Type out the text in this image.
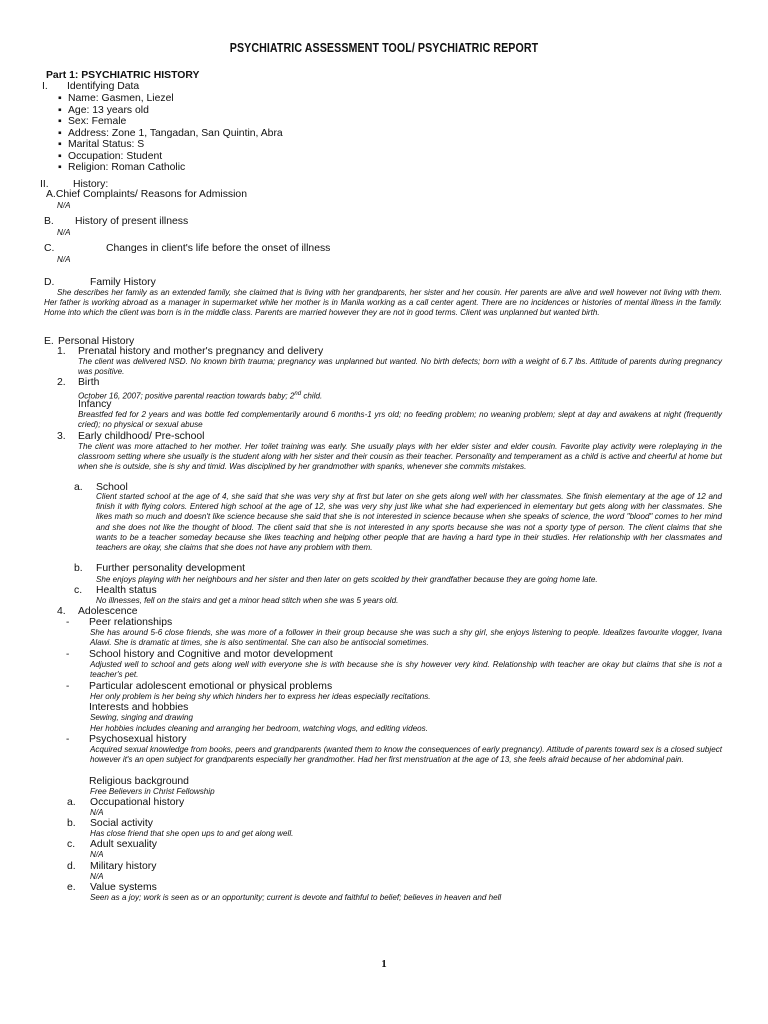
PSYCHIATRIC ASSESSMENT TOOL/ PSYCHIATRIC REPORT
Part 1: PSYCHIATRIC HISTORY
I. Identifying Data
▪ Name: Gasmen, Liezel
▪ Age: 13 years old
▪ Sex: Female
▪ Address: Zone 1, Tangadan, San Quintin, Abra
▪ Marital Status: S
▪ Occupation: Student
▪ Religion: Roman Catholic
II. History:
A.Chief Complaints/ Reasons for Admission
N/A
B. History of present illness
N/A
C.	Changes in client's life before the onset of illness
N/A
D.	Family History
She describes her family as an extended family, she claimed that is living with her grandparents, her sister and her cousin. Her parents are alive and well however not living with them. Her father is working abroad as a manager in supermarket while her mother is in Manila working as a call center agent. There are no incidences or histories of mental illness in the family. Home into which the client was born is in the middle class. Parents are married however they are not in good terms. Client was unplanned but wanted birth.
E. Personal History
1. Prenatal history and mother's pregnancy and delivery
The client was delivered NSD. No known birth trauma; pregnancy was unplanned but wanted. No birth defects; born with a weight of 6.7 lbs. Attitude of parents during pregnancy was positive.
2. Birth
October 16, 2007; positive parental reaction towards baby; 2nd child.
Infancy
Breastfed fed for 2 years and was bottle fed complementarily around 6 months-1 yrs old; no feeding problem; no weaning problem; slept at day and awakens at night (frequently cried); no physical or sexual abuse
3. Early childhood/ Pre-school
The client was more attached to her mother. Her toilet training was early. She usually plays with her elder sister and elder cousin. Favorite play activity were roleplaying in the classroom setting where she usually is the student along with her sister and their cousin as their teacher. Personality and temperament as a child is active and cheerful at home but when she is outside, she is shy and timid. Was disciplined by her grandmother with spanks, whenever she commits mistakes.
a. School
Client started school at the age of 4, she said that she was very shy at first but later on she gets along well with her classmates. She finish elementary at the age of 12 and finish it with flying colors. Entered high school at the age of 12, she was very shy just like what she had experienced in elementary but gets along with her classmates. She likes math so much and doesn't like science because she said that she is not interested in science because when she speaks of science, the word "blood" comes to her mind and she does not like the thought of blood. The client said that she is not interested in any sports because she was not a sporty type of person. The client claims that she wants to be a teacher someday because she likes teaching and helping other people that are having a hard type in their studies. Her relationship with her classmates and teachers are okay, she claims that she does not have any problem with them.
b. Further personality development
She enjoys playing with her neighbours and her sister and then later on gets scolded by their grandfather because they are going home late.
c. Health status
No illnesses, fell on the stairs and get a minor head stitch when she was 5 years old.
4. Adolescence
- Peer relationships
She has around 5-6 close friends, she was more of a follower in their group because she was such a shy girl, she enjoys listening to people. Idealizes favourite vlogger, Ivana Alawi. She is dramatic at times, she is also sentimental. She can also be antisocial sometimes.
- School history and Cognitive and motor development
Adjusted well to school and gets along well with everyone she is with because she is shy however very kind. Relationship with teacher are okay but claims that she is not a teacher's pet.
- Particular adolescent emotional or physical problems
Her only problem is her being shy which hinders her to express her ideas especially recitations.
Interests and hobbies
Sewing, singing and drawing
Her hobbies includes cleaning and arranging her bedroom, watching vlogs, and editing videos.
- Psychosexual history
Acquired sexual knowledge from books, peers and grandparents (wanted them to know the consequences of early pregnancy). Attitude of parents toward sex is a closed subject however it's an open subject for grandparents especially her grandmother. Had her first menstruation at the age of 13, she feels afraid because of her abdominal pain.
Religious background
Free Believers in Christ Fellowship
a. Occupational history
N/A
b. Social activity
Has close friend that she open ups to and get along well.
c. Adult sexuality
N/A
d. Military history
N/A
e. Value systems
Seen as a joy; work is seen as or an opportunity; current is devote and faithful to belief; believes in heaven and hell
1
